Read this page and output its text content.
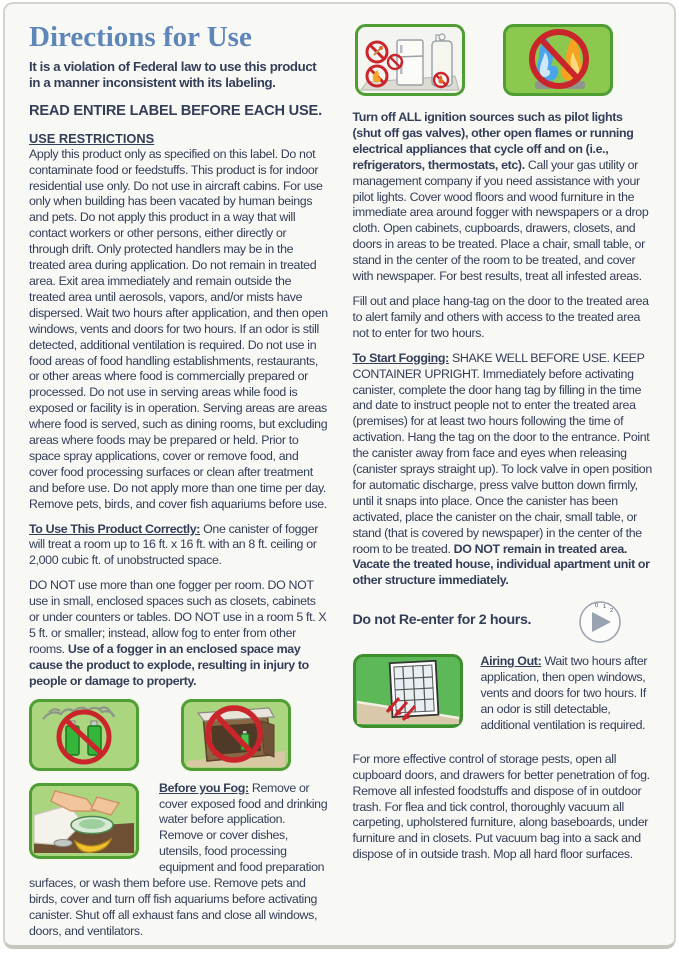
Directions for Use

It is a violation of Federal law to use this product in a manner inconsistent with its labeling.

READ ENTIRE LABEL BEFORE EACH USE.

USE RESTRICTIONS

Apply this product only as specified on this label. Do not contaminate food or feedstuffs. This product is for indoor residential use only. Do not use in aircraft cabins. For use only when building has been vacated by human beings and pets. Do not apply this product in a way that will contact workers or other persons, either directly or through drift. Only protected handlers may be in the treated area during application. Do not remain in treated area. Exit area immediately and remain outside the treated area until aerosols, vapors, and/or mists have dispersed. Wait two hours after application, and then open windows, vents and doors for two hours. If an odor is still detected, additional ventilation is required. Do not use in food areas of food handling establishments, restaurants, or other areas where food is commercially prepared or processed. Do not use in serving areas while food is exposed or facility is in operation. Serving areas are areas where food is served, such as dining rooms, but excluding areas where foods may be prepared or held. Prior to space spray applications, cover or remove food, and cover food processing surfaces or clean after treatment and before use. Do not apply more than one time per day. Remove pets, birds, and cover fish aquariums before use.

To Use This Product Correctly: One canister of fogger will treat a room up to 16 ft. x 16 ft. with an 8 ft. ceiling or 2,000 cubic ft. of unobstructed space.

DO NOT use more than one fogger per room. DO NOT use in small, enclosed spaces such as closets, cabinets or under counters or tables. DO NOT use in a room 5 ft. X 5 ft. or smaller; instead, allow fog to enter from other rooms. Use of a fogger in an enclosed space may cause the product to explode, resulting in injury to people or damage to property.

Before you Fog: Remove or cover exposed food and drinking water before application. Remove or cover dishes, utensils, food processing equipment and food preparation surfaces, or wash them before use. Remove pets and birds, cover and turn off fish aquariums before activating canister. Shut off all exhaust fans and close all windows, doors, and ventilators.

Turn off ALL ignition sources such as pilot lights (shut off gas valves), other open flames or running electrical appliances that cycle off and on (i.e., refrigerators, thermostats, etc). Call your gas utility or management company if you need assistance with your pilot lights. Cover wood floors and wood furniture in the immediate area around fogger with newspapers or a drop cloth. Open cabinets, cupboards, drawers, closets, and doors in areas to be treated. Place a chair, small table, or stand in the center of the room to be treated, and cover with newspaper. For best results, treat all infested areas.

Fill out and place hang-tag on the door to the treated area to alert family and others with access to the treated area not to enter for two hours.

To Start Fogging: SHAKE WELL BEFORE USE. KEEP CONTAINER UPRIGHT. Immediately before activating canister, complete the door hang tag by filling in the time and date to instruct people not to enter the treated area (premises) for at least two hours following the time of activation. Hang the tag on the door to the entrance. Point the canister away from face and eyes when releasing (canister sprays straight up). To lock valve in open position for automatic discharge, press valve button down firmly, until it snaps into place. Once the canister has been activated, place the canister on the chair, small table, or stand (that is covered by newspaper) in the center of the room to be treated. DO NOT remain in treated area. Vacate the treated house, individual apartment unit or other structure immediately.

Do not Re-enter for 2 hours.

0 1
2

Airing Out: Wait two hours after application, then open windows, vents and doors for two hours. If an odor is still detectable, additional ventilation is required.

For more effective control of storage pests, open all cupboard doors, and drawers for better penetration of fog. Remove all infested foodstuffs and dispose of in outdoor trash. For flea and tick control, thoroughly vacuum all carpeting, upholstered furniture, along baseboards, under furniture and in closets. Put vacuum bag into a sack and dispose of in outside trash. Mop all hard floor surfaces.
